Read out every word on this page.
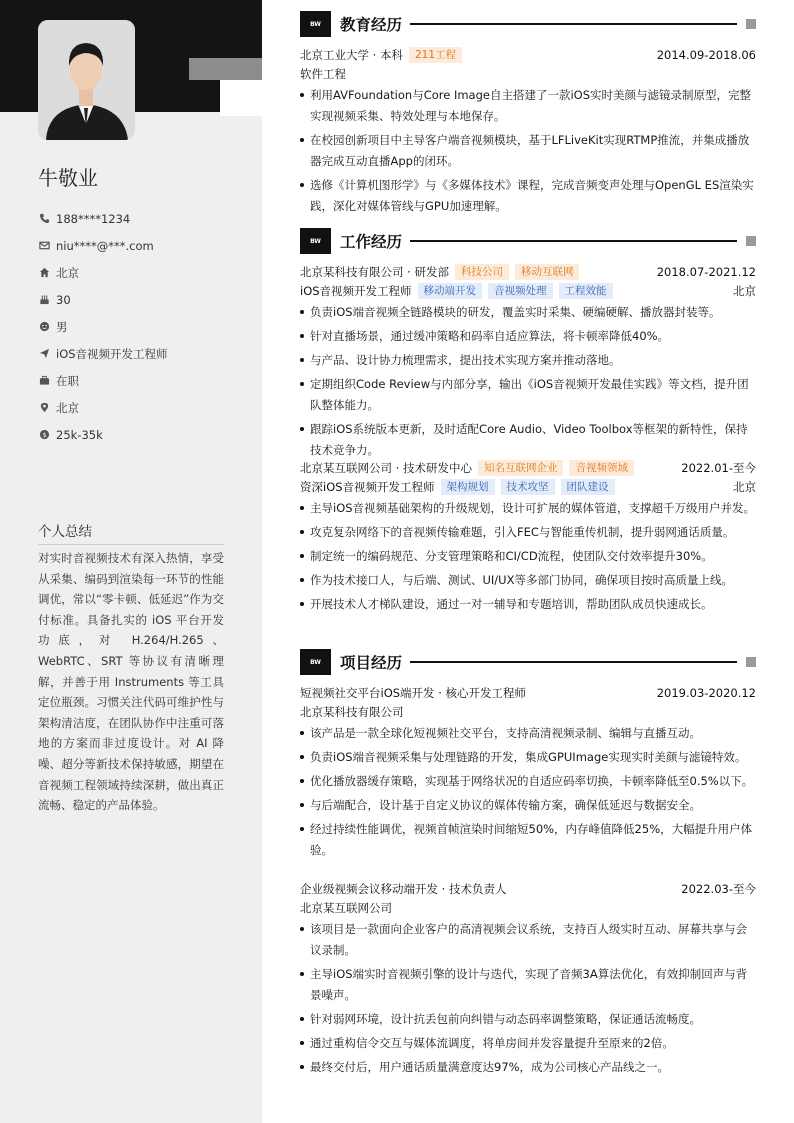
牛敬业
188****1234
niu****@***.com
北京
30
男
iOS音视频开发工程师
在职
北京
$ 25k-35k
个人总结
对实时音视频技术有深入热情，享受从采集、编码到渲染每一环节的性能调优，常以“零卡顿、低延迟”作为交付标准。具备扎实的 iOS 平台开发功底，对 H.264/H.265、WebRTC、SRT 等协议有清晰理解，并善于用 Instruments 等工具定位瓶颈。习惯关注代码可维护性与架构清洁度，在团队协作中注重可落地的方案而非过度设计。对 AI 降噪、超分等新技术保持敏感，期望在音视频工程领域持续深耕，做出真正流畅、稳定的产品体验。
BW	教育经历
北京工业大学 · 本科	211工程	2014.09-2018.06
软件工程
利用AVFoundation与Core Image自主搭建了一款iOS实时美颜与滤镜录制原型，完整实现视频采集、特效处理与本地保存。
在校园创新项目中主导客户端音视频模块，基于LFLiveKit实现RTMP推流，并集成播放器完成互动直播App的闭环。
选修《计算机图形学》与《多媒体技术》课程，完成音频变声处理与OpenGL ES渲染实践，深化对媒体管线与GPU加速理解。
BW	工作经历
北京某科技有限公司 · 研发部	科技公司	移动互联网	2018.07-2021.12
iOS音视频开发工程师	移动端开发	音视频处理	工程效能	北京
负责iOS端音视频全链路模块的研发，覆盖实时采集、硬编硬解、播放器封装等。
针对直播场景，通过缓冲策略和码率自适应算法，将卡顿率降低40%。
与产品、设计协力梳理需求，提出技术实现方案并推动落地。
定期组织Code Review与内部分享，输出《iOS音视频开发最佳实践》等文档，提升团队整体能力。
跟踪iOS系统版本更新，及时适配Core Audio、Video Toolbox等框架的新特性，保持技术竞争力。
北京某互联网公司 · 技术研发中心	知名互联网企业	音视频领域	2022.01-至今
资深iOS音视频开发工程师	架构规划	技术攻坚	团队建设	北京
主导iOS音视频基础架构的升级规划，设计可扩展的媒体管道，支撑超千万级用户并发。
攻克复杂网络下的音视频传输难题，引入FEC与智能重传机制，提升弱网通话质量。
制定统一的编码规范、分支管理策略和CI/CD流程，使团队交付效率提升30%。
作为技术接口人，与后端、测试、UI/UX等多部门协同，确保项目按时高质量上线。
开展技术人才梯队建设，通过一对一辅导和专题培训，帮助团队成员快速成长。
BW	项目经历
短视频社交平台iOS端开发 · 核心开发工程师	2019.03-2020.12
北京某科技有限公司
该产品是一款全球化短视频社交平台，支持高清视频录制、编辑与直播互动。
负责iOS端音视频采集与处理链路的开发，集成GPUImage实现实时美颜与滤镜特效。
优化播放器缓存策略，实现基于网络状况的自适应码率切换，卡顿率降低至0.5%以下。
与后端配合，设计基于自定义协议的媒体传输方案，确保低延迟与数据安全。
经过持续性能调优，视频首帧渲染时间缩短50%，内存峰值降低25%，大幅提升用户体验。
企业级视频会议移动端开发 · 技术负责人	2022.03-至今
北京某互联网公司
该项目是一款面向企业客户的高清视频会议系统，支持百人级实时互动、屏幕共享与会议录制。
主导iOS端实时音视频引擎的设计与迭代，实现了音频3A算法优化，有效抑制回声与背景噪声。
针对弱网环境，设计抗丢包前向纠错与动态码率调整策略，保证通话流畅度。
通过重构信令交互与媒体流调度，将单房间并发容量提升至原来的2倍。
最终交付后，用户通话质量满意度达97%，成为公司核心产品线之一。
